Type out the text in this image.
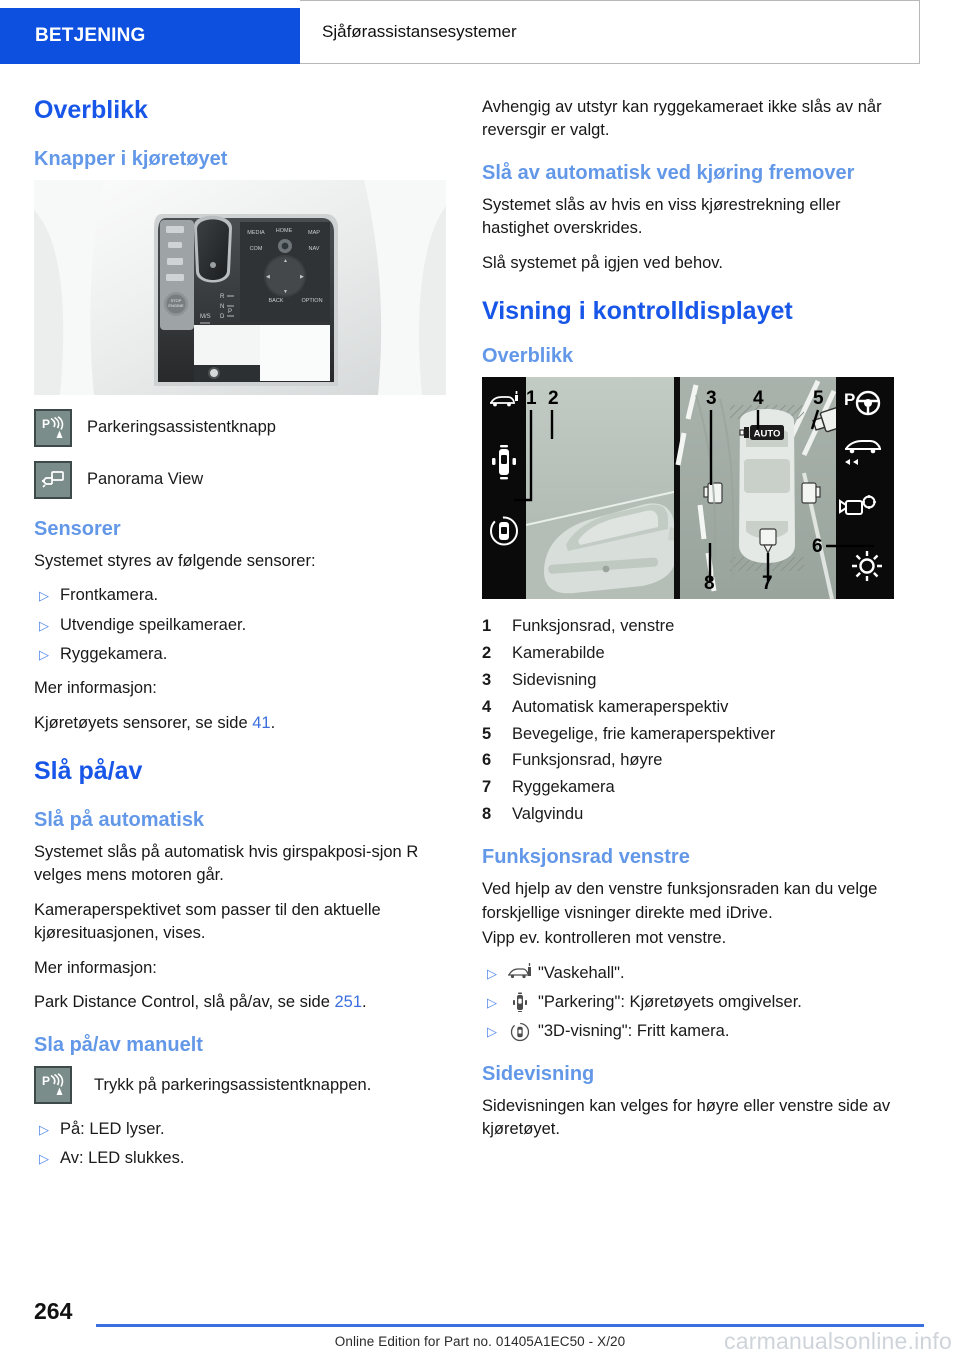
BETJENING	Sjåførassistansesystemer
Overblikk
Knapper i kjøretøyet
STOP
ENGINE
R
N
D
P
M/S
MEDIA HOME	MAP
COM	NAV
BACK	OPTION
▲
◀	▶
▼
P	Parkeringsassistentknapp
Panorama View
Sensorer

Systemet styres av følgende sensorer:

▷ Frontkamera.
▷ Utvendige speilkameraer.
▷ Ryggekamera.

Mer informasjon:

Kjøretøyets sensorer, se side 41.

Slå på/av
Slå på automatisk

Systemet slås på automatisk hvis girspakposi-sjon R velges mens motoren går.

Kameraperspektivet som passer til den aktuelle kjøresituasjonen, vises.

Mer informasjon:

Park Distance Control, slå på/av, se side 251.

Sla på/av manuelt
P	Trykk på parkeringsassistentknappen.
▷ På: LED lyser.
▷ Av: LED slukkes.

Avhengig av utstyr kan ryggekameraet ikke slås av når reversgir er valgt.

Slå av automatisk ved kjøring fremover

Systemet slås av hvis en viss kjørestrekning eller hastighet overskrides.

Slå systemet på igjen ved behov.

Visning i kontrolldisplayet
Overblikk
AUTO
P
1 2	3 4	5
6
7
8
1	Funksjonsrad, venstre
2	Kamerabilde
3	Sidevisning
4	Automatisk kameraperspektiv
5	Bevegelige, frie kameraperspektiver
6	Funksjonsrad, høyre
7	Ryggekamera
8	Valgvindu
Funksjonsrad venstre

Ved hjelp av den venstre funksjonsraden kan du velge forskjellige visninger direkte med iDrive.

Vipp ev. kontrolleren mot venstre.

▷	"Vaskehall".
▷	"Parkering": Kjøretøyets omgivelser.
▷	"3D-visning": Fritt kamera.
Sidevisning

Sidevisningen kan velges for høyre eller venstre side av kjøretøyet.

264
Online Edition for Part no. 01405A1EC50 - X/20	carmanualsonline.info
